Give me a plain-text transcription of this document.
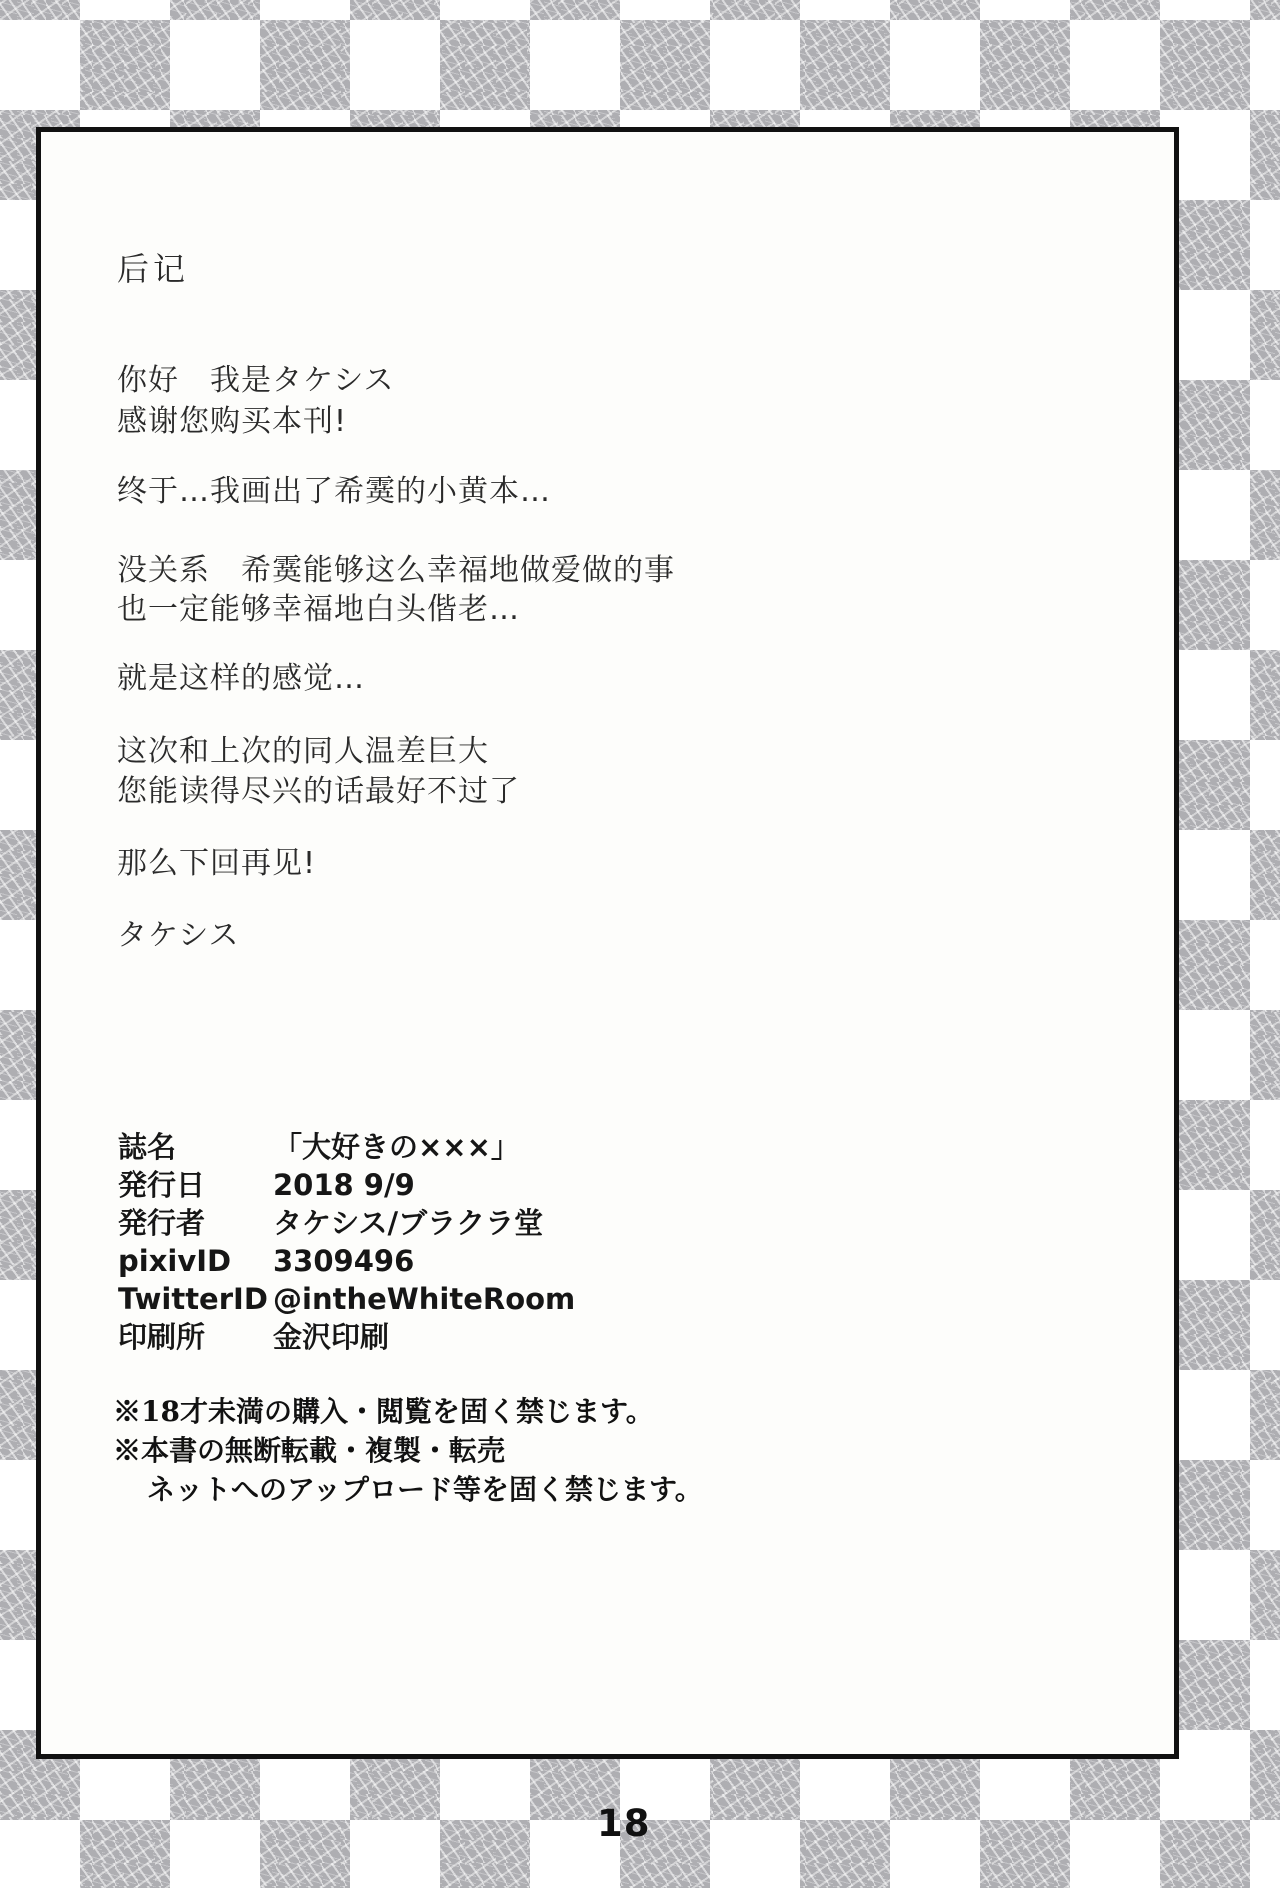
后记
你好　我是タケシス
感谢您购买本刊!
终于…我画出了希霙的小黄本…
没关系　希霙能够这么幸福地做爱做的事
也一定能够幸福地白头偕老…
就是这样的感觉…
这次和上次的同人温差巨大
您能读得尽兴的话最好不过了
那么下回再见!
タケシス
誌名	「大好きの×××」
発行日	2018 9/9
発行者	タケシス/ブラクラ堂
pixivID	3309496
TwitterID @intheWhiteRoom
印刷所	金沢印刷
※18才未満の購入・閲覧を固く禁じます。
※本書の無断転載・複製・転売
ネットへのアップロード等を固く禁じます。
18
